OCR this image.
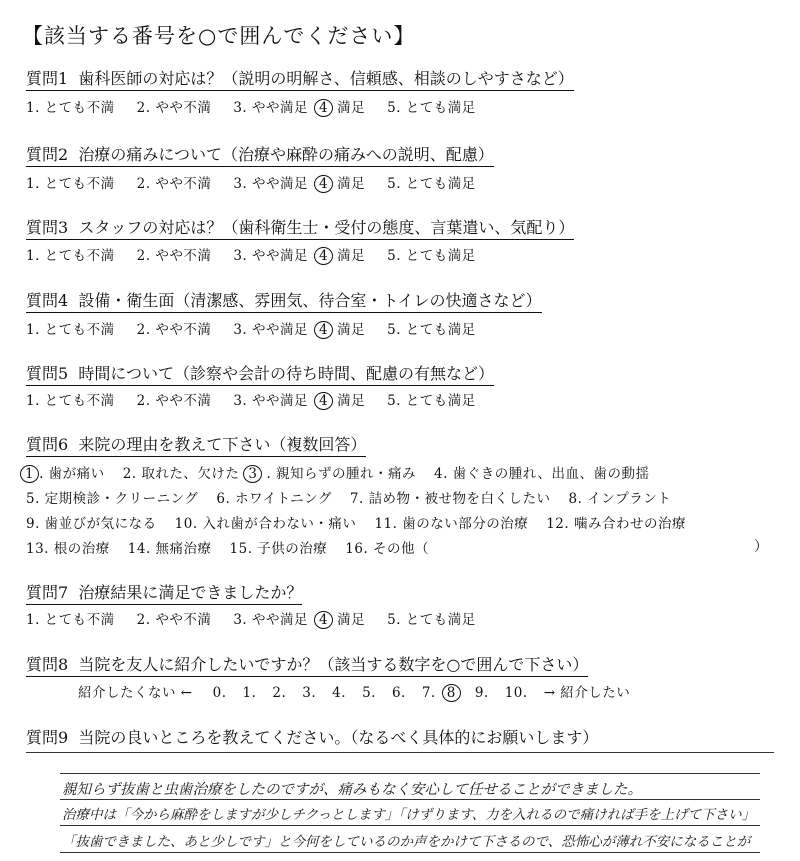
【該当する番号を○で囲んでください】
質問1 歯科医師の対応は？（説明の明解さ、信頼感、相談のしやすさなど）
1. とても不満 2. やや不満 3. やや満足 4 満足 5. とても満足
質問2 治療の痛みについて（治療や麻酔の痛みへの説明、配慮）
1. とても不満 2. やや不満 3. やや満足 4 満足 5. とても満足
質問3 スタッフの対応は？（歯科衛生士・受付の態度、言葉遣い、気配り）
1. とても不満 2. やや不満 3. やや満足 4 満足 5. とても満足
質問4 設備・衛生面（清潔感、雰囲気、待合室・トイレの快適さなど）
1. とても不満 2. やや不満 3. やや満足 4 満足 5. とても満足
質問5 時間について（診察や会計の待ち時間、配慮の有無など）
1. とても不満 2. やや不満 3. やや満足 4 満足 5. とても満足
質問6 来院の理由を教えて下さい（複数回答）
1 . 歯が痛い 2. 取れた、欠けた 3 . 親知らずの腫れ・痛み 4. 歯ぐきの腫れ、出血、歯の動揺
5. 定期検診・クリーニング 6. ホワイトニング 7. 詰め物・被せ物を白くしたい 8. インプラント
9. 歯並びが気になる 10. 入れ歯が合わない・痛い 11. 歯のない部分の治療 12. 噛み合わせの治療
13. 根の治療 14. 無痛治療 15. 子供の治療 16. その他（	）
質問7 治療結果に満足できましたか？
1. とても不満 2. やや不満 3. やや満足 4 満足 5. とても満足
質問8 当院を友人に紹介したいですか？（該当する数字を○で囲んで下さい）
紹介したくない ← 0. 1. 2. 3. 4. 5. 6. 7. 8 9. 10. → 紹介したい
質問9 当院の良いところを教えてください。（なるべく具体的にお願いします）
親知らず抜歯と虫歯治療をしたのですが、痛みもなく安心して任せることができました。
治療中は「今から麻酔をしますが少しチクっとします」「けずります、力を入れるので痛ければ手を上げて下さい」
「抜歯できました、あと少しです」と今何をしているのか声をかけて下さるので、恐怖心が薄れ不安になることが
